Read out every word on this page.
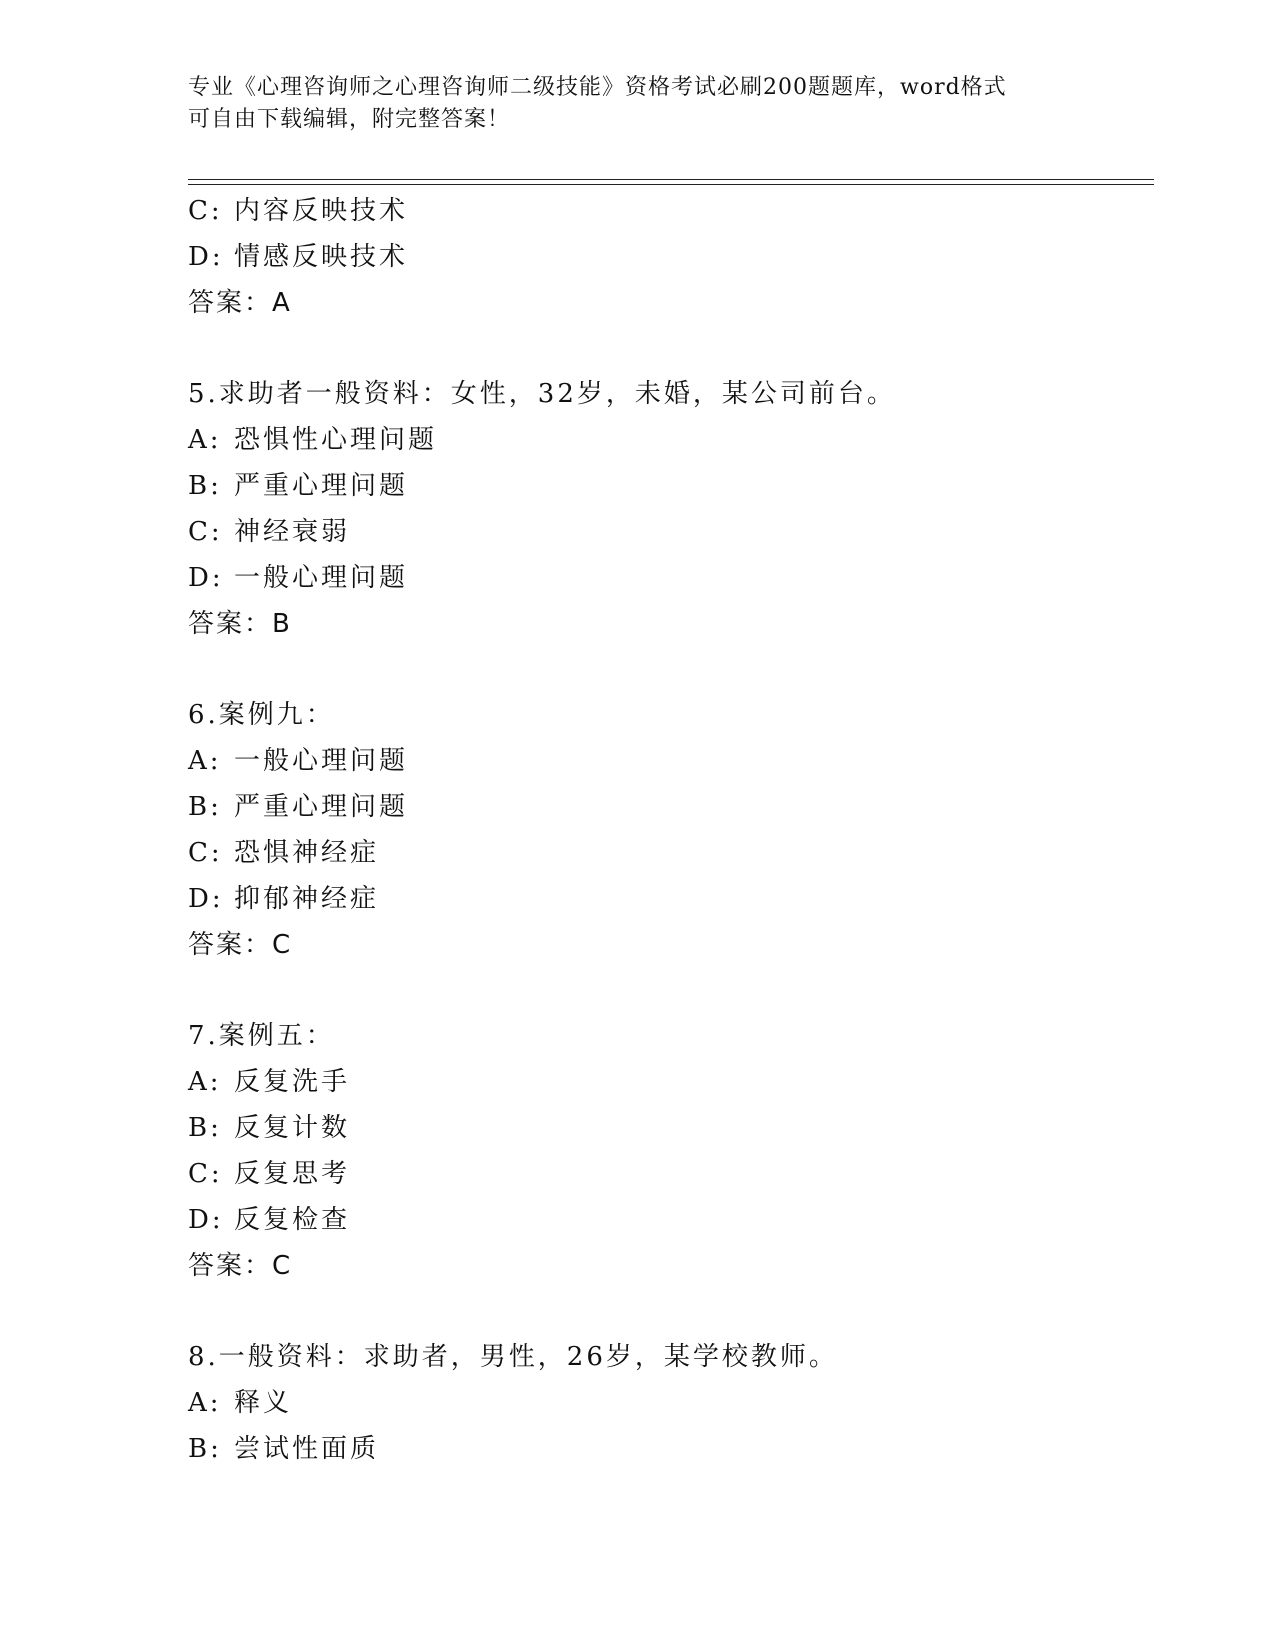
专业《心理咨询师之心理咨询师二级技能》资格考试必刷200题题库，word格式
可自由下载编辑，附完整答案！
C: 内容反映技术
D: 情感反映技术
答案：A
5.求助者一般资料：女性，32岁，未婚，某公司前台。
A: 恐惧性心理问题
B: 严重心理问题
C: 神经衰弱
D: 一般心理问题
答案：B
6.案例九：
A: 一般心理问题
B: 严重心理问题
C: 恐惧神经症
D: 抑郁神经症
答案：C
7.案例五：
A: 反复洗手
B: 反复计数
C: 反复思考
D: 反复检查
答案：C
8.一般资料：求助者，男性，26岁，某学校教师。
A: 释义
B: 尝试性面质
